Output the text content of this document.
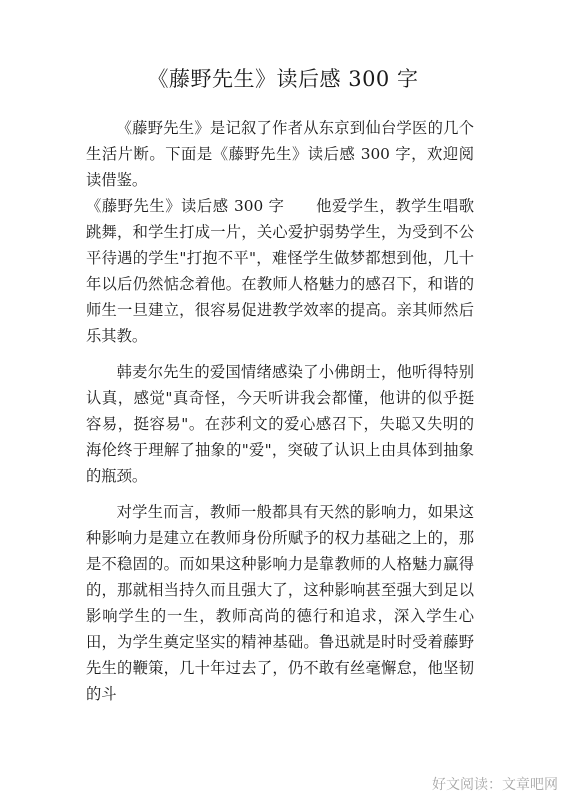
《藤野先生》读后感 300 字

《藤野先生》是记叙了作者从东京到仙台学医的几个生活片断。下面是《藤野先生》读后感 300 字，欢迎阅读借鉴。

《藤野先生》读后感 300 字　　他爱学生，教学生唱歌跳舞，和学生打成一片，关心爱护弱势学生，为受到不公平待遇的学生"打抱不平"，难怪学生做梦都想到他，几十年以后仍然惦念着他。在教师人格魅力的感召下，和谐的师生一旦建立，很容易促进教学效率的提高。亲其师然后乐其教。

韩麦尔先生的爱国情绪感染了小佛朗士，他听得特别认真，感觉"真奇怪，今天听讲我会都懂，他讲的似乎挺容易，挺容易"。在莎利文的爱心感召下，失聪又失明的海伦终于理解了抽象的"爱"，突破了认识上由具体到抽象的瓶颈。

对学生而言，教师一般都具有天然的影响力，如果这种影响力是建立在教师身份所赋予的权力基础之上的，那是不稳固的。而如果这种影响力是靠教师的人格魅力赢得的，那就相当持久而且强大了，这种影响甚至强大到足以影响学生的一生，教师高尚的德行和追求，深入学生心田，为学生奠定坚实的精神基础。鲁迅就是时时受着藤野先生的鞭策，几十年过去了，仍不敢有丝毫懈怠，他坚韧的斗

好文阅读：文章吧网
